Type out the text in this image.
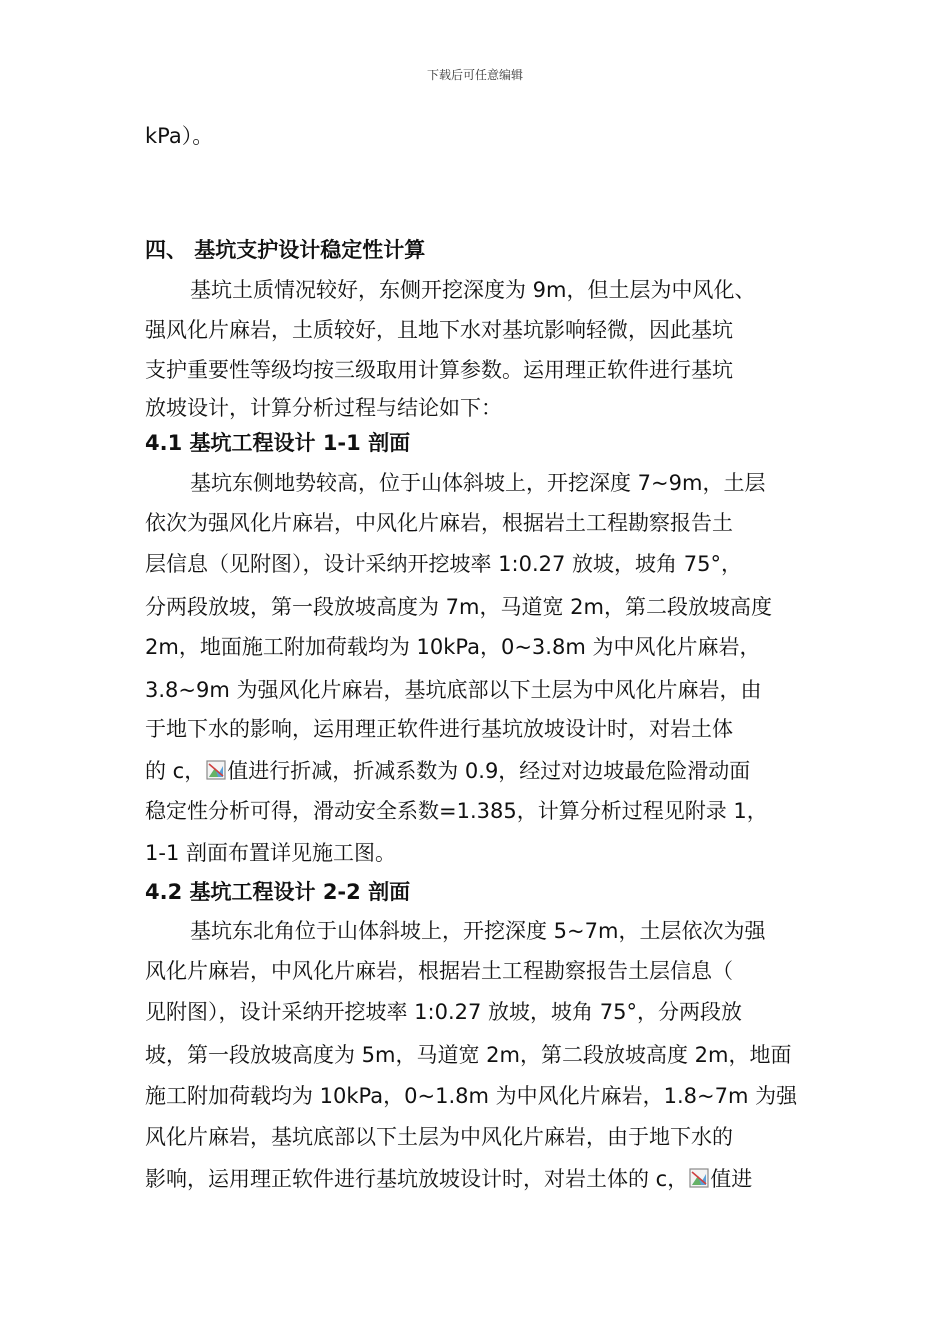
下载后可任意编辑
kPa）。
四、 基坑支护设计稳定性计算
基坑土质情况较好，东侧开挖深度为 9m，但土层为中风化、
强风化片麻岩，土质较好，且地下水对基坑影响轻微，因此基坑
支护重要性等级均按三级取用计算参数。运用理正软件进行基坑
放坡设计，计算分析过程与结论如下：
4.1 基坑工程设计 1-1 剖面
基坑东侧地势较高，位于山体斜坡上，开挖深度 7~9m，土层
依次为强风化片麻岩，中风化片麻岩，根据岩土工程勘察报告土
层信息（见附图），设计采纳开挖坡率 1:0.27 放坡，坡角 75°，
分两段放坡，第一段放坡高度为 7m，马道宽 2m，第二段放坡高度
2m，地面施工附加荷载均为 10kPa，0~3.8m 为中风化片麻岩，
3.8~9m 为强风化片麻岩，基坑底部以下土层为中风化片麻岩，由
于地下水的影响，运用理正软件进行基坑放坡设计时，对岩土体
的 c， 值进行折减，折减系数为 0.9，经过对边坡最危险滑动面
稳定性分析可得，滑动安全系数=1.385，计算分析过程见附录 1，
1-1 剖面布置详见施工图。
4.2 基坑工程设计 2-2 剖面
基坑东北角位于山体斜坡上，开挖深度 5~7m，土层依次为强
风化片麻岩，中风化片麻岩，根据岩土工程勘察报告土层信息（
见附图），设计采纳开挖坡率 1:0.27 放坡，坡角 75°，分两段放
坡，第一段放坡高度为 5m，马道宽 2m，第二段放坡高度 2m，地面
施工附加荷载均为 10kPa，0~1.8m 为中风化片麻岩，1.8~7m 为强
风化片麻岩，基坑底部以下土层为中风化片麻岩，由于地下水的
影响，运用理正软件进行基坑放坡设计时，对岩土体的 c， 值进
